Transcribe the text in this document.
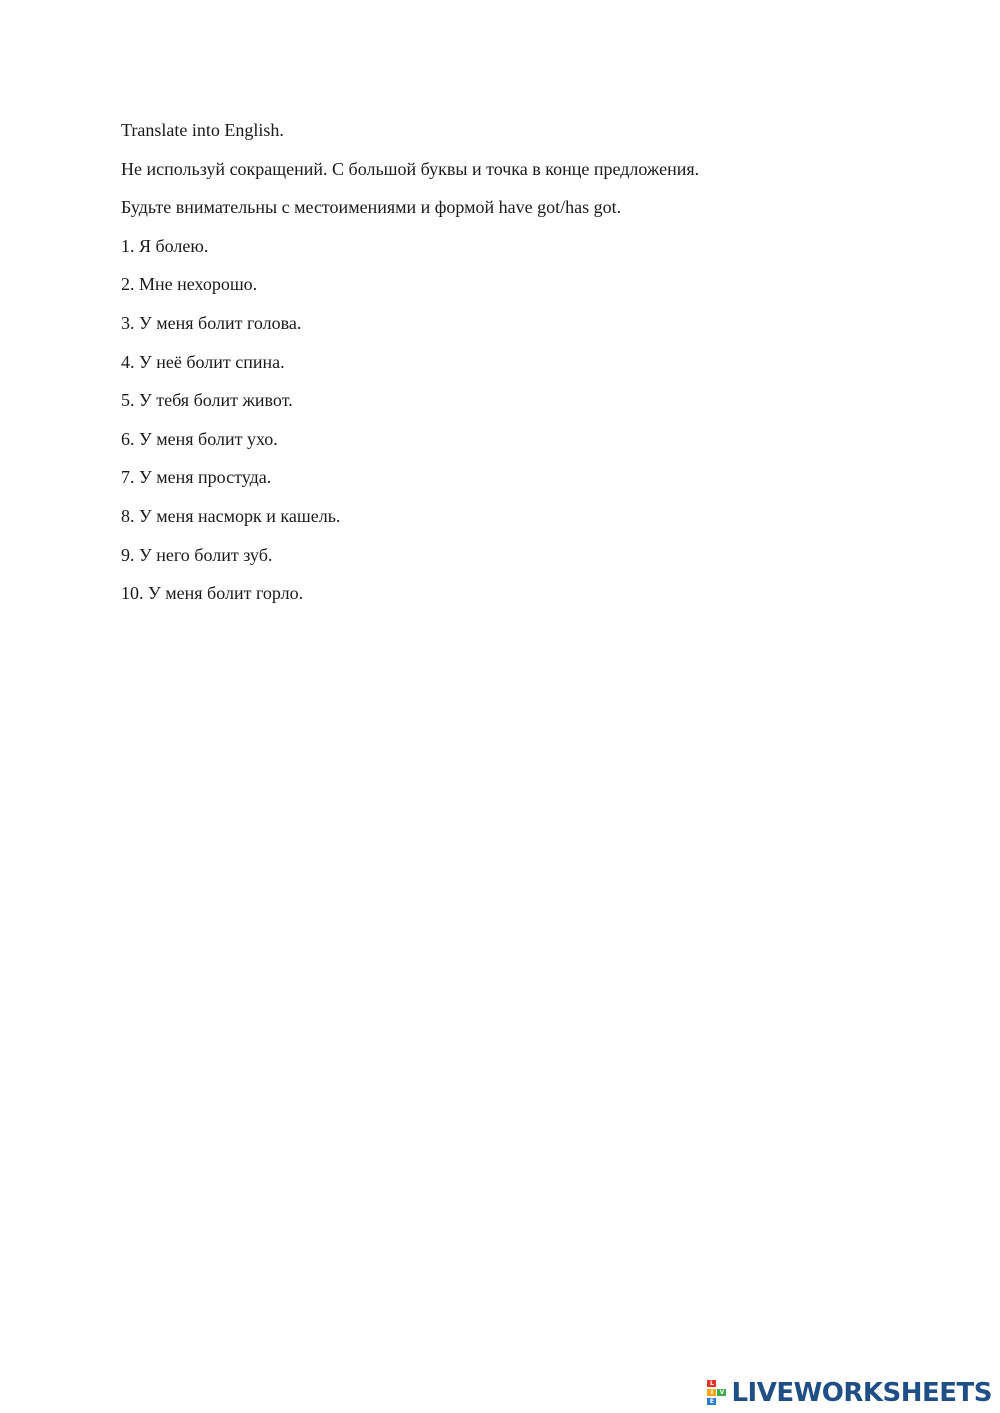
Translate into English.
Не используй сокращений. С большой буквы и точка в конце предложения.
Будьте внимательны с местоимениями и формой have got/has got.
1. Я болею.
2. Мне нехорошо.
3. У меня болит голова.
4. У неё болит спина.
5. У тебя болит живот.
6. У меня болит ухо.
7. У меня простуда.
8. У меня насморк и кашель.
9. У него болит зуб.
10. У меня болит горло.
L
I	V
E LIVEWORKSHEETS
